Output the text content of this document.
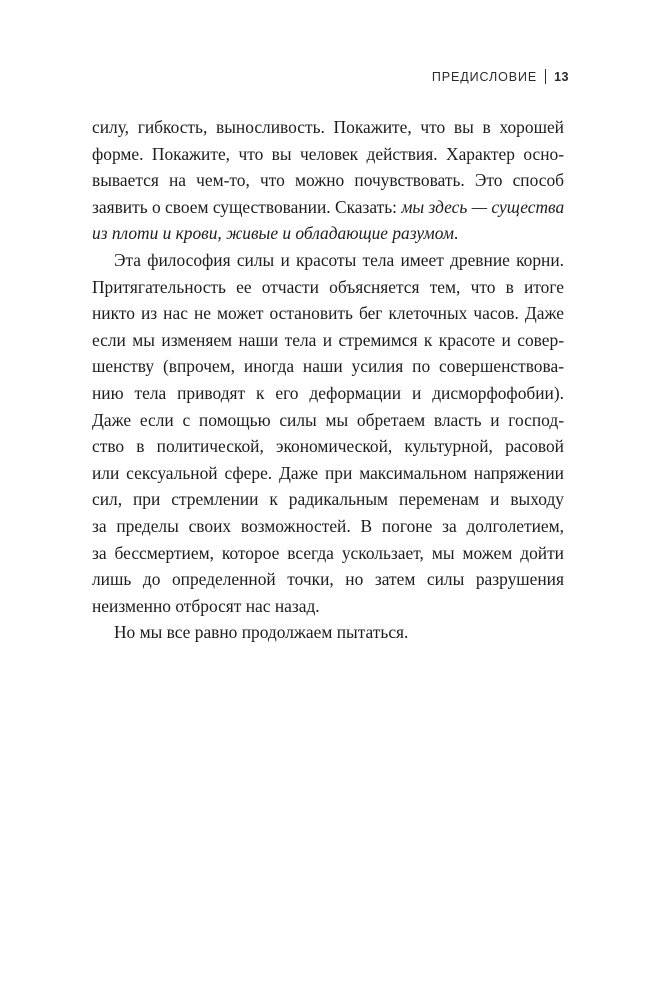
ПРЕДИСЛОВИЕ 13
силу, гибкость, выносливость. Покажите, что вы в хорошей
форме. Покажите, что вы человек действия. Характер осно-
вывается на чем-то, что можно почувствовать. Это способ
заявить о своем существовании. Сказать: мы здесь — существа
из плоти и крови, живые и обладающие разумом.
Эта философия силы и красоты тела имеет древние корни.
Притягательность ее отчасти объясняется тем, что в итоге
никто из нас не может остановить бег клеточных часов. Даже
если мы изменяем наши тела и стремимся к красоте и совер-
шенству (впрочем, иногда наши усилия по совершенствова-
нию тела приводят к его деформации и дисморфофобии).
Даже если с помощью силы мы обретаем власть и господ-
ство в политической, экономической, культурной, расовой
или сексуальной сфере. Даже при максимальном напряжении
сил, при стремлении к радикальным переменам и выходу
за пределы своих возможностей. В погоне за долголетием,
за бессмертием, которое всегда ускользает, мы можем дойти
лишь до определенной точки, но затем силы разрушения
неизменно отбросят нас назад.
Но мы все равно продолжаем пытаться.
